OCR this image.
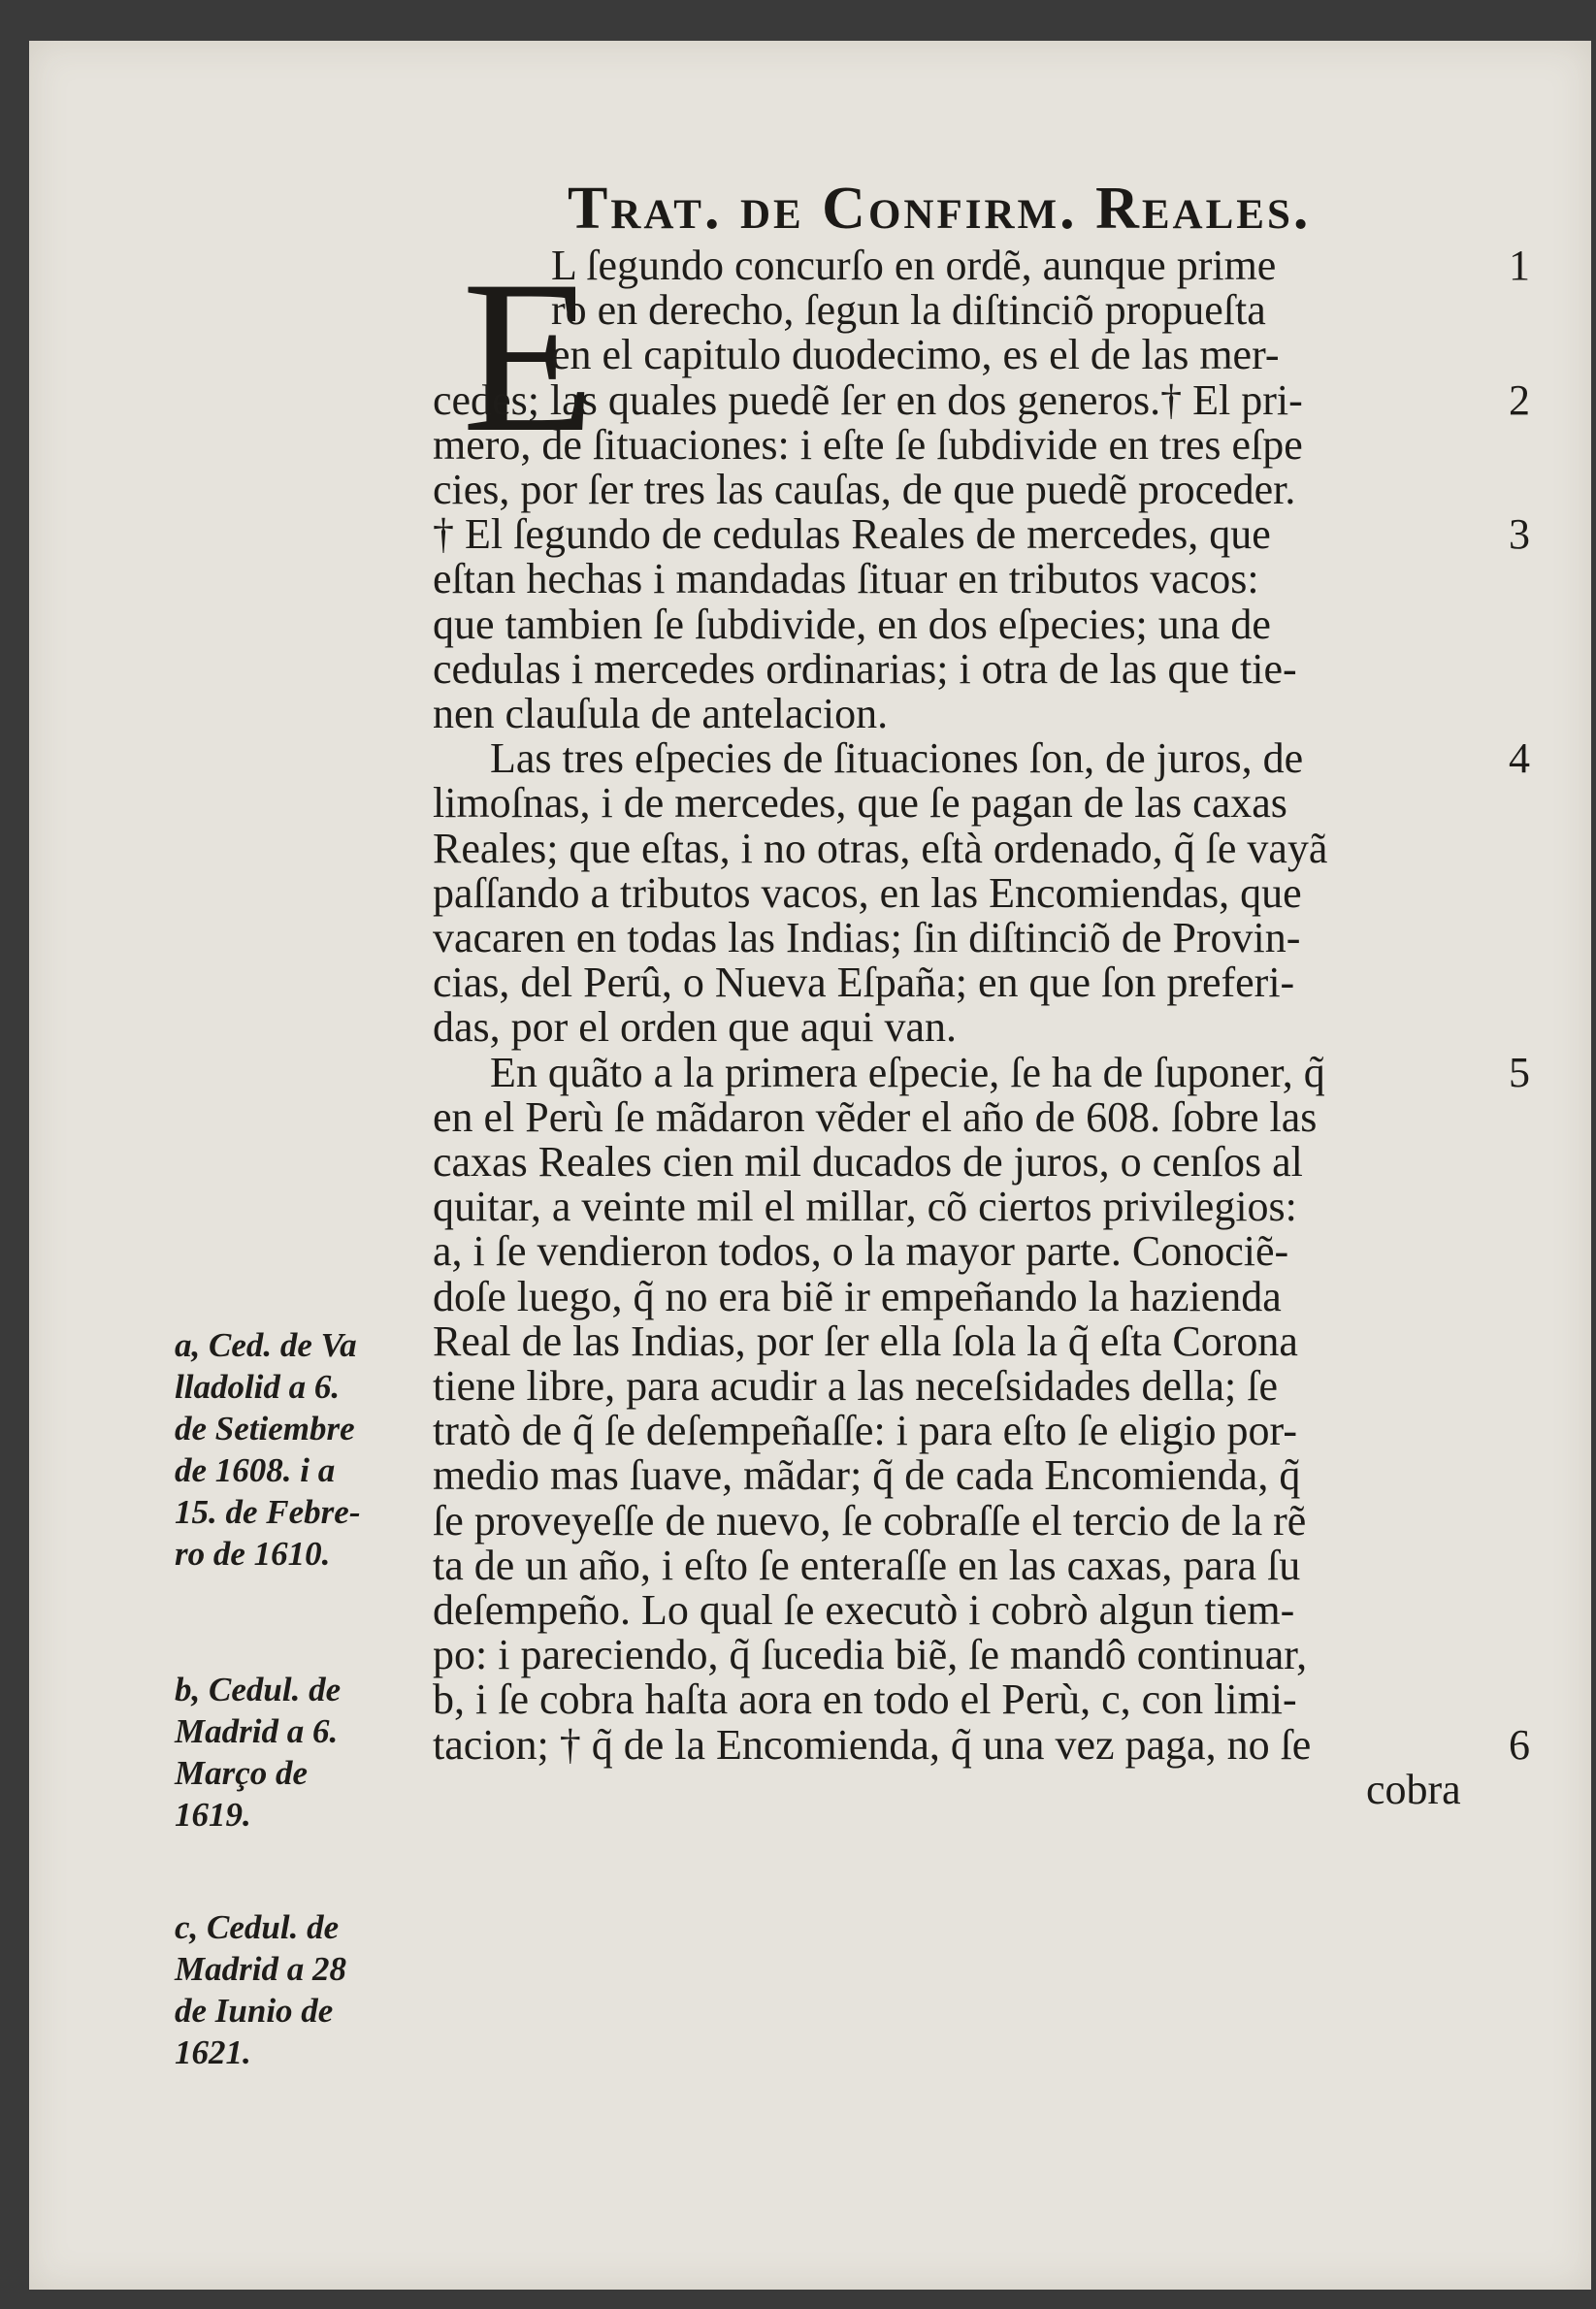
Trat. de Confirm. Reales.
E
L ſegundo concurſo en ordẽ, aunque prime
ro en derecho, ſegun la diſtinciõ propueſta
en el capitulo duodecimo, es el de las mer-
cedes; las quales puedẽ ſer en dos generos.† El pri-
mero, de ſituaciones: i eſte ſe ſubdivide en tres eſpe
cies, por ſer tres las cauſas, de que puedẽ proceder.
† El ſegundo de cedulas Reales de mercedes, que
eſtan hechas i mandadas ſituar en tributos vacos:
que tambien ſe ſubdivide, en dos eſpecies; una de
cedulas i mercedes ordinarias; i otra de las que tie-
nen clauſula de antelacion.
Las tres eſpecies de ſituaciones ſon, de juros, de
limoſnas, i de mercedes, que ſe pagan de las caxas
Reales; que eſtas, i no otras, eſtà ordenado, q̃ ſe vayã
paſſando a tributos vacos, en las Encomiendas, que
vacaren en todas las Indias; ſin diſtinciõ de Provin-
cias, del Perû, o Nueva Eſpaña; en que ſon preferi-
das, por el orden que aqui van.
En quãto a la primera eſpecie, ſe ha de ſuponer, q̃
en el Perù ſe mãdaron vẽder el año de 608. ſobre las
caxas Reales cien mil ducados de juros, o cenſos al
quitar, a veinte mil el millar, cõ ciertos privilegios:
a, i ſe vendieron todos, o la mayor parte. Conociẽ-
doſe luego, q̃ no era biẽ ir empeñando la hazienda
Real de las Indias, por ſer ella ſola la q̃ eſta Corona
tiene libre, para acudir a las neceſsidades della; ſe
tratò de q̃ ſe deſempeñaſſe: i para eſto ſe eligio por-
medio mas ſuave, mãdar; q̃ de cada Encomienda, q̃
ſe proveyeſſe de nuevo, ſe cobraſſe el tercio de la rẽ
ta de un año, i eſto ſe enteraſſe en las caxas, para ſu
deſempeño. Lo qual ſe executò i cobrò algun tiem-
po: i pareciendo, q̃ ſucedia biẽ, ſe mandô continuar,
b, i ſe cobra haſta aora en todo el Perù, c, con limi-
tacion; † q̃ de la Encomienda, q̃ una vez paga, no ſe
cobra
1
2
3
4
5
6
a, Ced. de Va
lladolid a 6.
de Setiembre
de 1608. i a
15. de Febre-
ro de 1610.
b, Cedul. de
Madrid a 6.
Março de
1619.
c, Cedul. de
Madrid a 28
de Iunio de
1621.
